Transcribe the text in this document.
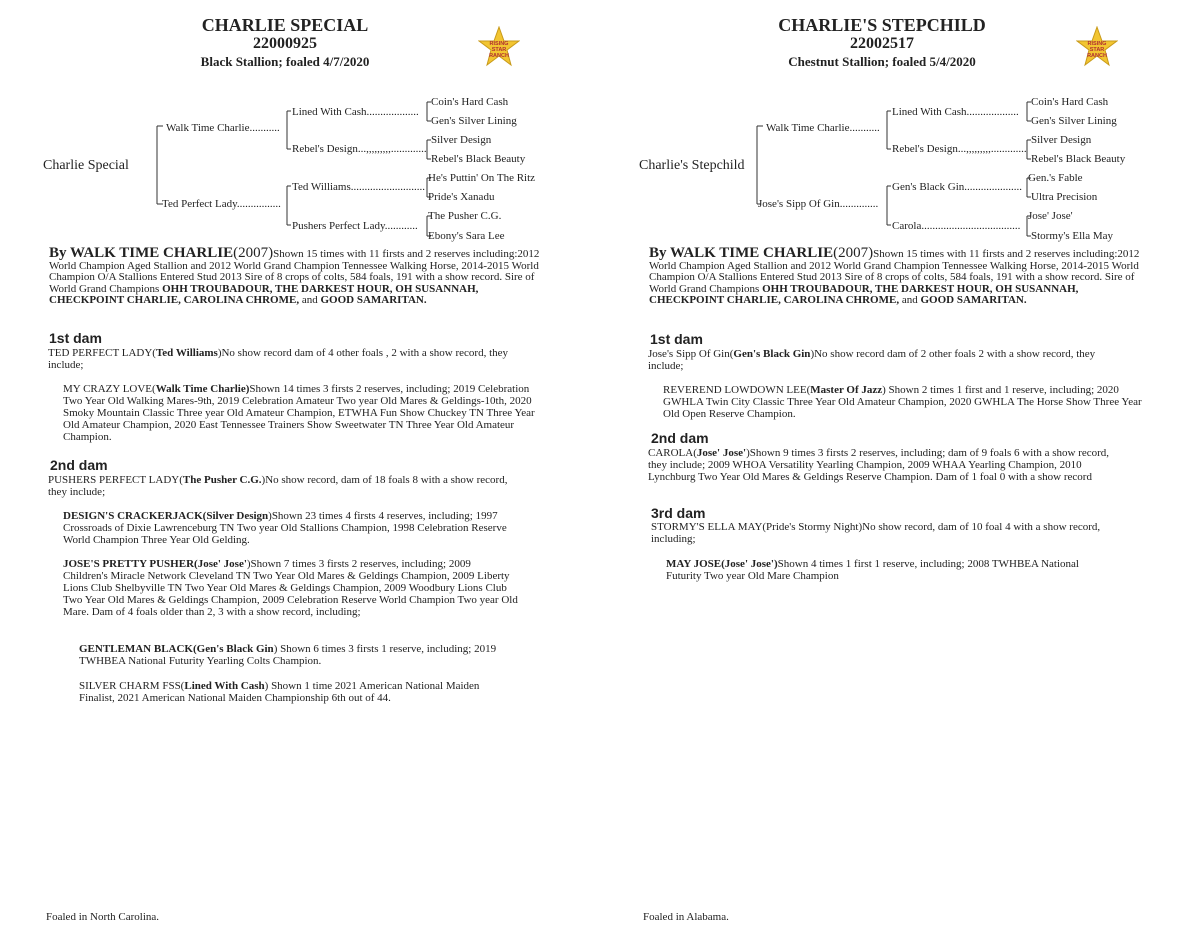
CHARLIE SPECIAL
22000925
Black Stallion; foaled 4/7/2020
RISING
STAR
RANCH
Charlie Special
Walk Time Charlie...........
Ted Perfect Lady................
Lined With Cash...................
Rebel's Design...,,,,,,,,,.............
Ted Williams...........................
Pushers Perfect Lady............
Coin's Hard Cash
Gen's Silver Lining
Silver Design
Rebel's Black Beauty
He's Puttin' On The Ritz
Pride's Xanadu
The Pusher C.G.
Ebony's Sara Lee
By WALK TIME CHARLIE(2007)Shown 15 times with 11 firsts and 2 reserves including:2012 World Champion Aged Stallion and 2012 World Grand Champion Tennessee Walking Horse, 2014-2015 World Champion O/A Stallions Entered Stud 2013 Sire of 8 crops of colts, 584 foals, 191 with a show record. Sire of World Grand Champions OHH TROUBADOUR, THE DARKEST HOUR, OH SUSANNAH, CHECKPOINT CHARLIE, CAROLINA CHROME, and GOOD SAMARITAN.
1st dam
TED PERFECT LADY(Ted Williams)No show record dam of 4 other foals , 2 with a show record, they include;
MY CRAZY LOVE(Walk Time Charlie)Shown 14 times 3 firsts 2 reserves, including; 2019 Celebration Two Year Old Walking Mares-9th, 2019 Celebration Amateur Two year Old Mares & Geldings-10th, 2020 Smoky Mountain Classic Three year Old Amateur Champion, ETWHA Fun Show Chuckey TN Three Year Old Amateur Champion, 2020 East Tennessee Trainers Show Sweetwater TN Three Year Old Amateur Champion.
2nd dam
PUSHERS PERFECT LADY(The Pusher C.G.)No show record, dam of 18 foals 8 with a show record, they include;
DESIGN'S CRACKERJACK(Silver Design)Shown 23 times 4 firsts 4 reserves, including; 1997 Crossroads of Dixie Lawrenceburg TN Two year Old Stallions Champion, 1998 Celebration Reserve World Champion Three Year Old Gelding.
JOSE'S PRETTY PUSHER(Jose' Jose')Shown 7 times 3 firsts 2 reserves, including; 2009 Children's Miracle Network Cleveland TN Two Year Old Mares & Geldings Champion, 2009 Liberty Lions Club Shelbyville TN Two Year Old Mares & Geldings Champion, 2009 Woodbury Lions Club Two Year Old Mares & Geldings Champion, 2009 Celebration Reserve World Champion Two year Old Mare. Dam of 4 foals older than 2, 3 with a show record, including;
GENTLEMAN BLACK(Gen's Black Gin) Shown 6 times 3 firsts 1 reserve, including; 2019 TWHBEA National Futurity Yearling Colts Champion.
SILVER CHARM FSS(Lined With Cash) Shown 1 time 2021 American National Maiden Finalist, 2021 American National Maiden Championship 6th out of 44.
Foaled in North Carolina.
CHARLIE'S STEPCHILD
22002517
Chestnut Stallion; foaled 5/4/2020
RISING
STAR
RANCH
Charlie's Stepchild
Walk Time Charlie...........
Jose's Sipp Of Gin..............
Lined With Cash...................
Rebel's Design...,,,,,,,,,.............
Gen's Black Gin.....................
Carola....................................
Coin's Hard Cash
Gen's Silver Lining
Silver Design
Rebel's Black Beauty
Gen.'s Fable
Ultra Precision
Jose' Jose'
Stormy's Ella May
By WALK TIME CHARLIE(2007)Shown 15 times with 11 firsts and 2 reserves including:2012 World Champion Aged Stallion and 2012 World Grand Champion Tennessee Walking Horse, 2014-2015 World Champion O/A Stallions Entered Stud 2013 Sire of 8 crops of colts, 584 foals, 191 with a show record. Sire of World Grand Champions OHH TROUBADOUR, THE DARKEST HOUR, OH SUSANNAH, CHECKPOINT CHARLIE, CAROLINA CHROME, and GOOD SAMARITAN.
1st dam
Jose's Sipp Of Gin(Gen's Black Gin)No show record dam of 2 other foals 2 with a show record, they include;
REVEREND LOWDOWN LEE(Master Of Jazz) Shown 2 times 1 first and 1 reserve, including; 2020 GWHLA Twin City Classic Three Year Old Amateur Champion, 2020 GWHLA The Horse Show Three Year Old Open Reserve Champion.
2nd dam
CAROLA(Jose' Jose')Shown 9 times 3 firsts 2 reserves, including; dam of 9 foals 6 with a show record, they include; 2009 WHOA Versatility Yearling Champion, 2009 WHAA Yearling Champion, 2010 Lynchburg Two Year Old Mares & Geldings Reserve Champion. Dam of 1 foal 0 with a show record
3rd dam
STORMY'S ELLA MAY(Pride's Stormy Night)No show record, dam of 10 foal 4 with a show record, including;
MAY JOSE(Jose' Jose')Shown 4 times 1 first 1 reserve, including; 2008 TWHBEA National Futurity Two year Old Mare Champion
Foaled in Alabama.
